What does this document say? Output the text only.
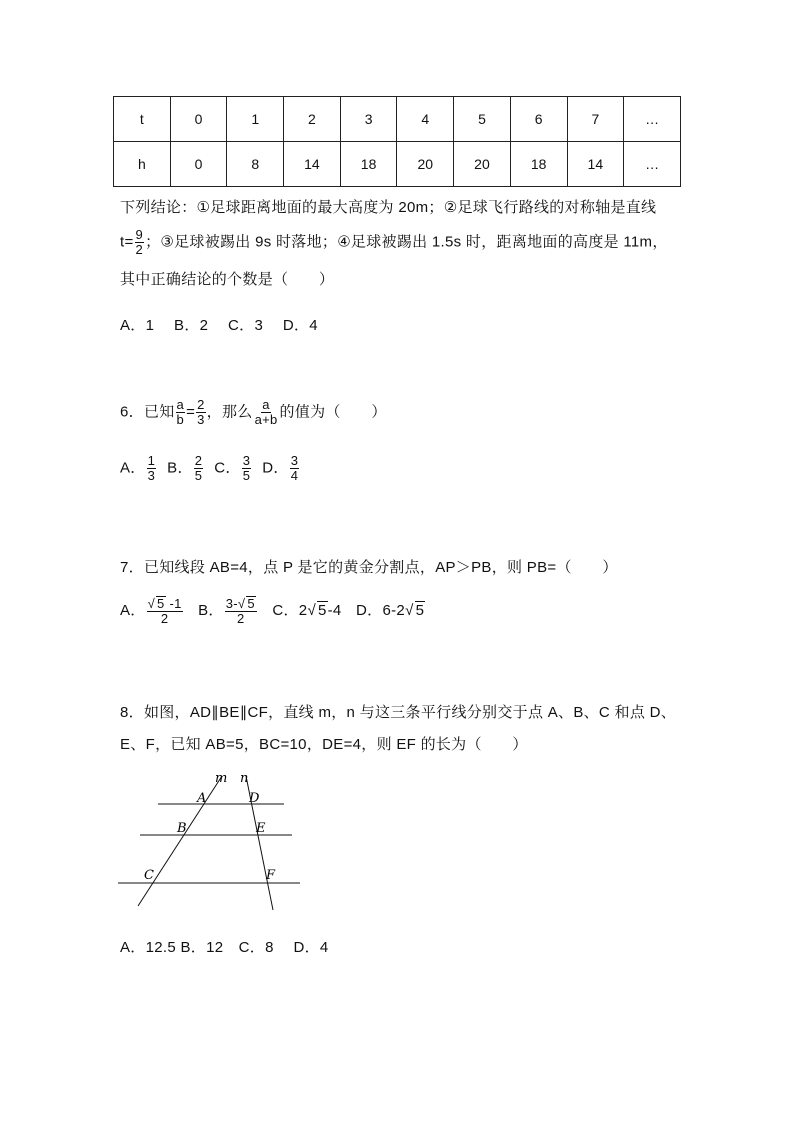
t	0	1	2	3	4	5	6	7	…
h	0	8	14	18	20	20	18	14	…
下列结论：①足球距离地面的最大高度为 20m；②足球飞行路线的对称轴是直线
$t= \frac{9}{2}$ ；③足球被踢出 9s 时落地；④足球被踢出 1.5s 时，距离地面的高度是 11m，
其中正确结论的个数是（　　）
A．1　 B．2　 C．3　 D．4
6．已知 $\frac{a}{b} = \frac{2}{3}$ ，那么 $\frac{a}{a+b}$ 的值为（　　）
A． $\frac{1}{3}$ B． $\frac{2}{5}$ C． $\frac{3}{5}$ D． $\frac{3}{4}$
7．已知线段 AB=4，点 P 是它的黄金分割点，AP＞PB，则 PB=（　　）
A． $\frac{√ 5 -1}{2}$ B． $\frac{3-√ 5}{2}$ C．2√ 5-4 D．6-2√ 5
8．如图，AD∥BE∥CF，直线 m，n 与这三条平行线分别交于点 A、B、C 和点 D、
E、F，已知 AB=5，BC=10，DE=4，则 EF 的长为（　　）
m n
A	D
B	E
C	F
A．12.5 B．12　C．8　 D．4
